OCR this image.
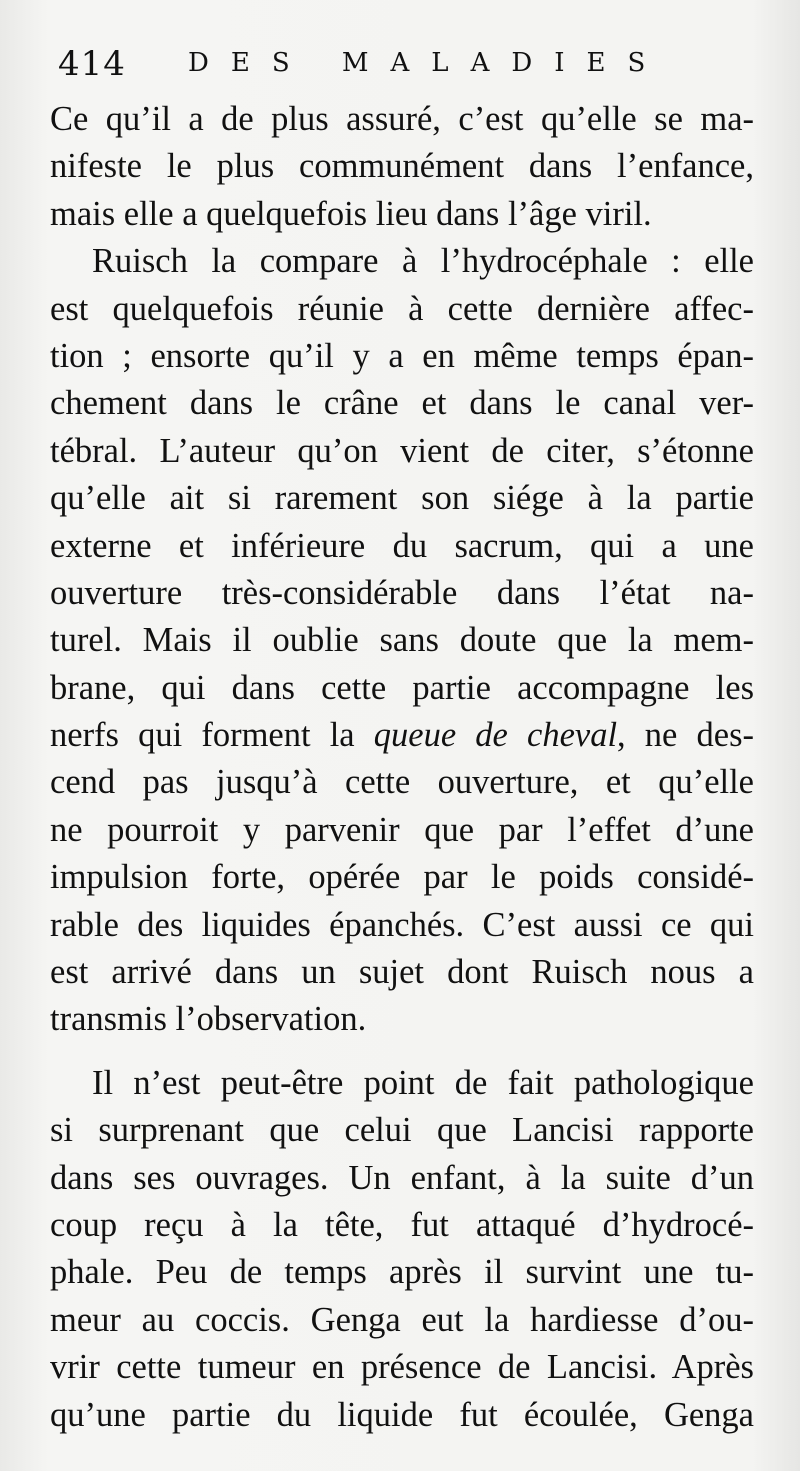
414 DES MALADIES
Ce qu’il a de plus assuré, c’est qu’elle se ma-
nifeste le plus communément dans l’enfance,
mais elle a quelquefois lieu dans l’âge viril.
Ruisch la compare à l’hydrocéphale : elle
est quelquefois réunie à cette dernière affec-
tion ; ensorte qu’il y a en même temps épan-
chement dans le crâne et dans le canal ver-
tébral. L’auteur qu’on vient de citer, s’étonne
qu’elle ait si rarement son siége à la partie
externe et inférieure du sacrum, qui a une
ouverture très-considérable dans l’état na-
turel. Mais il oublie sans doute que la mem-
brane, qui dans cette partie accompagne les
nerfs qui forment la queue de cheval, ne des-
cend pas jusqu’à cette ouverture, et qu’elle
ne pourroit y parvenir que par l’effet d’une
impulsion forte, opérée par le poids considé-
rable des liquides épanchés. C’est aussi ce qui
est arrivé dans un sujet dont Ruisch nous a
transmis l’observation.
Il n’est peut-être point de fait pathologique
si surprenant que celui que Lancisi rapporte
dans ses ouvrages. Un enfant, à la suite d’un
coup reçu à la tête, fut attaqué d’hydrocé-
phale. Peu de temps après il survint une tu-
meur au coccis. Genga eut la hardiesse d’ou-
vrir cette tumeur en présence de Lancisi. Après
qu’une partie du liquide fut écoulée, Genga
